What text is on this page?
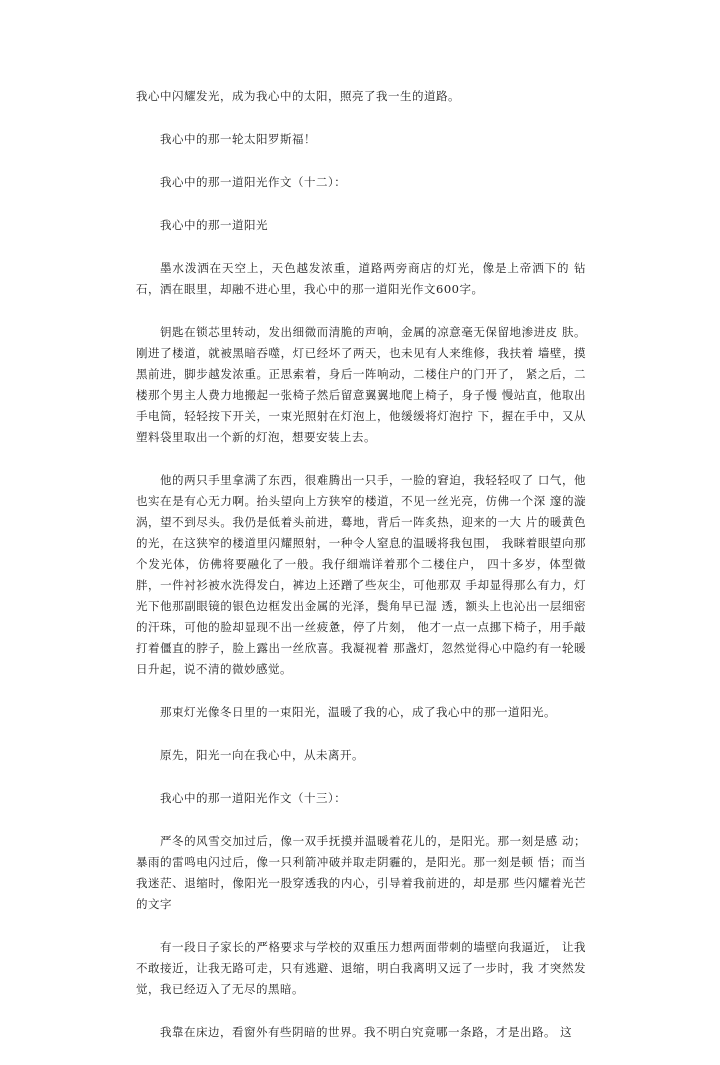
我心中闪耀发光，成为我心中的太阳，照亮了我一生的道路。

我心中的那一轮太阳罗斯福！

我心中的那一道阳光作文（十二）：

我心中的那一道阳光

墨水泼洒在天空上，天色越发浓重，道路两旁商店的灯光，像是上帝洒下的 钻石，洒在眼里，却融不进心里，我心中的那一道阳光作文600字。

钥匙在锁芯里转动，发出细微而清脆的声响，金属的凉意毫无保留地渗进皮 肤。刚进了楼道，就被黑暗吞噬，灯已经坏了两天，也未见有人来维修，我扶着 墙壁，摸黑前进，脚步越发浓重。正思索着，身后一阵响动，二楼住户的门开了， 紧之后，二楼那个男主人费力地搬起一张椅子然后留意翼翼地爬上椅子，身子慢 慢站直，他取出手电筒，轻轻按下开关，一束光照射在灯泡上，他缓缓将灯泡拧 下，握在手中，又从塑料袋里取出一个新的灯泡，想要安装上去。

他的两只手里拿满了东西，很难腾出一只手，一脸的窘迫，我轻轻叹了 口气，他也实在是有心无力啊。抬头望向上方狭窄的楼道，不见一丝光亮，仿佛一个深 邃的漩涡，望不到尽头。我仍是低着头前进，蓦地，背后一阵炙热，迎来的一大 片的暖黄色的光，在这狭窄的楼道里闪耀照射，一种令人窒息的温暖将我包围， 我眯着眼望向那个发光体，仿佛将要融化了一般。我仔细端详着那个二楼住户， 四十多岁，体型微胖，一件衬衫被水洗得发白，裤边上还蹭了些灰尘，可他那双 手却显得那么有力，灯光下他那副眼镜的银色边框发出金属的光泽，鬓角早已湿 透，额头上也沁出一层细密的汗珠，可他的脸却显现不出一丝疲惫，停了片刻， 他才一点一点挪下椅子，用手敲打着僵直的脖子，脸上露出一丝欣喜。我凝视着 那盏灯，忽然觉得心中隐约有一轮暖日升起，说不清的微妙感觉。

那束灯光像冬日里的一束阳光，温暖了我的心，成了我心中的那一道阳光。

原先，阳光一向在我心中，从未离开。

我心中的那一道阳光作文（十三）：

严冬的风雪交加过后，像一双手抚摸并温暖着花儿的，是阳光。那一刻是感 动；暴雨的雷鸣电闪过后，像一只利箭冲破并取走阴霾的，是阳光。那一刻是顿 悟；而当我迷茫、退缩时，像阳光一股穿透我的内心，引导着我前进的，却是那 些闪耀着光芒的文字

有一段日子家长的严格要求与学校的双重压力想两面带刺的墙壁向我逼近， 让我不敢接近，让我无路可走，只有逃避、退缩，明白我离明又远了一步时，我 才突然发觉，我已经迈入了无尽的黑暗。

我靠在床边，看窗外有些阴暗的世界。我不明白究竟哪一条路，才是出路。 这
